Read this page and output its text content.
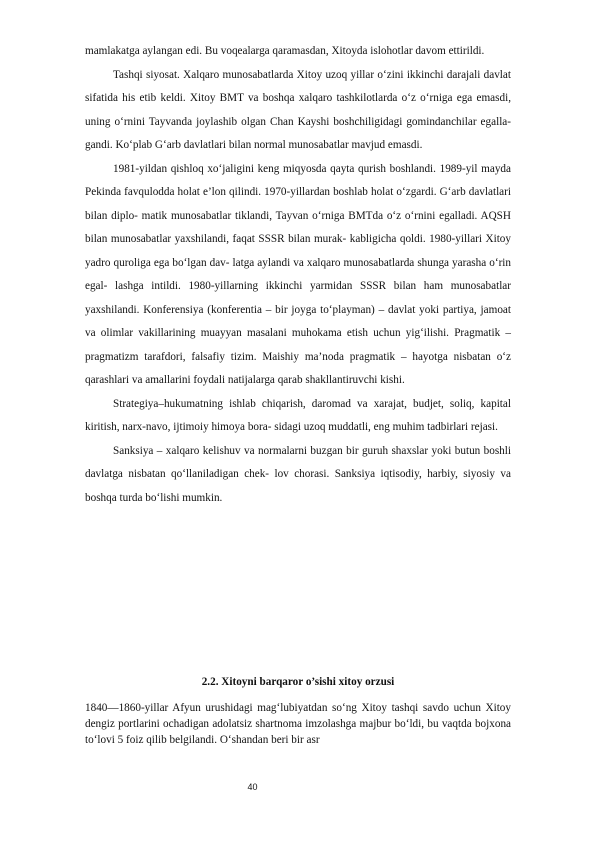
mamlakatga aylangan edi. Bu voqealarga qaramasdan, Xitoyda islohotlar davom ettirildi.

Tashqi siyosat. Xalqaro munosabatlarda Xitoy uzoq yillar o‘zini ikkinchi darajali davlat sifatida his etib keldi. Xitoy BMT va boshqa xalqaro tashkilotlarda o‘z o‘rniga ega emasdi, uning o‘rnini Tayvanda joylashib olgan Chan Kayshi boshchiligidagi gomindanchilar egalla- gandi. Ko‘plab G‘arb davlatlari bilan normal munosabatlar mavjud emasdi.

1981-yildan qishloq xo‘jaligini keng miqyosda qayta qurish boshlandi. 1989-yil mayda Pekinda favqulodda holat e’lon qilindi. 1970-yillardan boshlab holat o‘zgardi. G‘arb davlatlari bilan diplo- matik munosabatlar tiklandi, Tayvan o‘rniga BMTda o‘z o‘rnini egalladi. AQSH bilan munosabatlar yaxshilandi, faqat SSSR bilan murak- kabligicha qoldi. 1980-yillari Xitoy yadro quroliga ega bo‘lgan dav- latga aylandi va xalqaro munosabatlarda shunga yarasha o‘rin egal- lashga intildi. 1980-yillarning ikkinchi yarmidan SSSR bilan ham munosabatlar yaxshilandi. Konferensiya (konferentia – bir joyga to‘playman) – davlat yoki partiya, jamoat va olimlar vakillarining muayyan masalani muhokama etish uchun yig‘ilishi. Pragmatik – pragmatizm tarafdori, falsafiy tizim. Maishiy ma’noda pragmatik – hayotga nisbatan o‘z qarashlari va amallarini foydali natijalarga qarab shakllantiruvchi kishi.

Strategiya–hukumatning ishlab chiqarish, daromad va xarajat, budjet, soliq, kapital kiritish, narx-navo, ijtimoiy himoya bora- sidagi uzoq muddatli, eng muhim tadbirlari rejasi.

Sanksiya – xalqaro kelishuv va normalarni buzgan bir guruh shaxslar yoki butun boshli davlatga nisbatan qo‘llaniladigan chek- lov chorasi. Sanksiya iqtisodiy, harbiy, siyosiy va boshqa turda bo‘lishi mumkin.

2.2. Xitoyni barqaror o’sishi xitoy orzusi

1840—1860-yillar Afyun urushidagi mag‘lubiyatdan so‘ng Xitoy tashqi savdo uchun Xitoy dengiz portlarini ochadigan adolatsiz shartnoma imzolashga majbur bo‘ldi, bu vaqtda bojxona to‘lovi 5 foiz qilib belgilandi. O‘shandan beri bir asr

40
